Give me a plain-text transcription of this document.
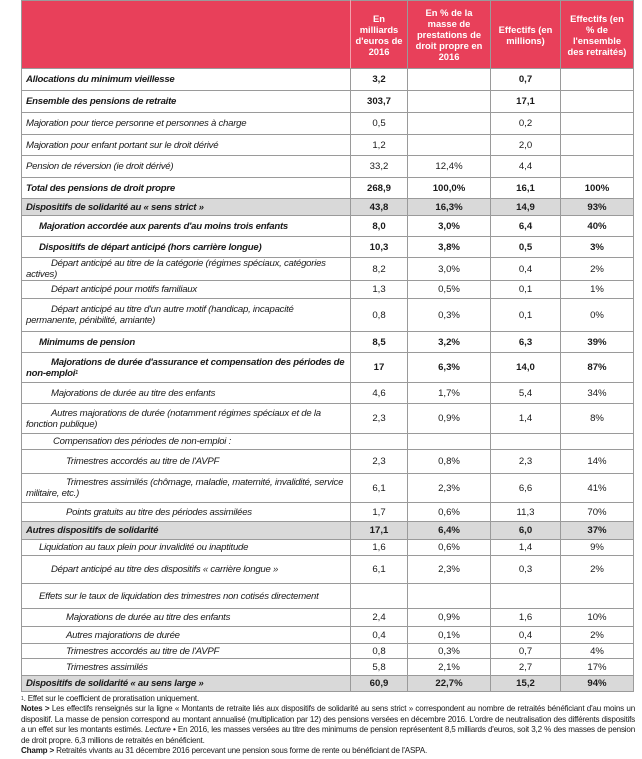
	En milliards d'euros de 2016	En % de la masse de prestations de droit propre en 2016	Effectifs (en millions)	Effectifs (en % de l'ensemble des retraités)
Allocations du minimum vieillesse	3,2		0,7	
Ensemble des pensions de retraite	303,7		17,1	
Majoration pour tierce personne et personnes à charge	0,5		0,2	
Majoration pour enfant portant sur le droit dérivé	1,2		2,0	
Pension de réversion (ie droit dérivé)	33,2	12,4%	4,4	
Total des pensions de droit propre	268,9	100,0%	16,1	100%
Dispositifs de solidarité au « sens strict »	43,8	16,3%	14,9	93%
Majoration accordée aux parents d'au moins trois enfants	8,0	3,0%	6,4	40%
Dispositifs de départ anticipé (hors carrière longue)	10,3	3,8%	0,5	3%
Départ anticipé au titre de la catégorie (régimes spéciaux, catégories actives)	8,2	3,0%	0,4	2%
Départ anticipé pour motifs familiaux	1,3	0,5%	0,1	1%
Départ anticipé au titre d'un autre motif (handicap, incapacité permanente, pénibilité, amiante)	0,8	0,3%	0,1	0%
Minimums de pension	8,5	3,2%	6,3	39%
Majorations de durée d'assurance et compensation des périodes de non-emploi$^1$	17	6,3%	14,0	87%
Majorations de durée au titre des enfants	4,6	1,7%	5,4	34%
Autres majorations de durée (notamment régimes spéciaux et de la fonction publique)	2,3	0,9%	1,4	8%
Compensation des périodes de non-emploi :				
Trimestres accordés au titre de l'AVPF	2,3	0,8%	2,3	14%
Trimestres assimilés (chômage, maladie, maternité, invalidité, service militaire, etc.)	6,1	2,3%	6,6	41%
Points gratuits au titre des périodes assimilées	1,7	0,6%	11,3	70%
Autres dispositifs de solidarité	17,1	6,4%	6,0	37%
Liquidation au taux plein pour invalidité ou inaptitude	1,6	0,6%	1,4	9%
Départ anticipé au titre des dispositifs « carrière longue »	6,1	2,3%	0,3	2%
Effets sur le taux de liquidation des trimestres non cotisés directement				
Majorations de durée au titre des enfants	2,4	0,9%	1,6	10%
Autres majorations de durée	0,4	0,1%	0,4	2%
Trimestres accordés au titre de l'AVPF	0,8	0,3%	0,7	4%
Trimestres assimilés	5,8	2,1%	2,7	17%
Dispositifs de solidarité « au sens large »	60,9	22,7%	15,2	94%

$^1$. Effet sur le coefficient de proratisation uniquement.

Notes > Les effectifs renseignés sur la ligne « Montants de retraite liés aux dispositifs de solidarité au sens strict » correspondent au nombre de retraités bénéficiant d'au moins un dispositif. La masse de pension correspond au montant annualisé (multiplication par 12) des pensions versées en décembre 2016. L'ordre de neutralisation des différents dispositifs a un effet sur les montants estimés. Lecture • En 2016, les masses versées au titre des minimums de pension représentent 8,5 milliards d'euros, soit 3,2 % des masses de pension de droit propre. 6,3 millions de retraités en bénéficient.

Champ > Retraités vivants au 31 décembre 2016 percevant une pension sous forme de rente ou bénéficiant de l'ASPA.
